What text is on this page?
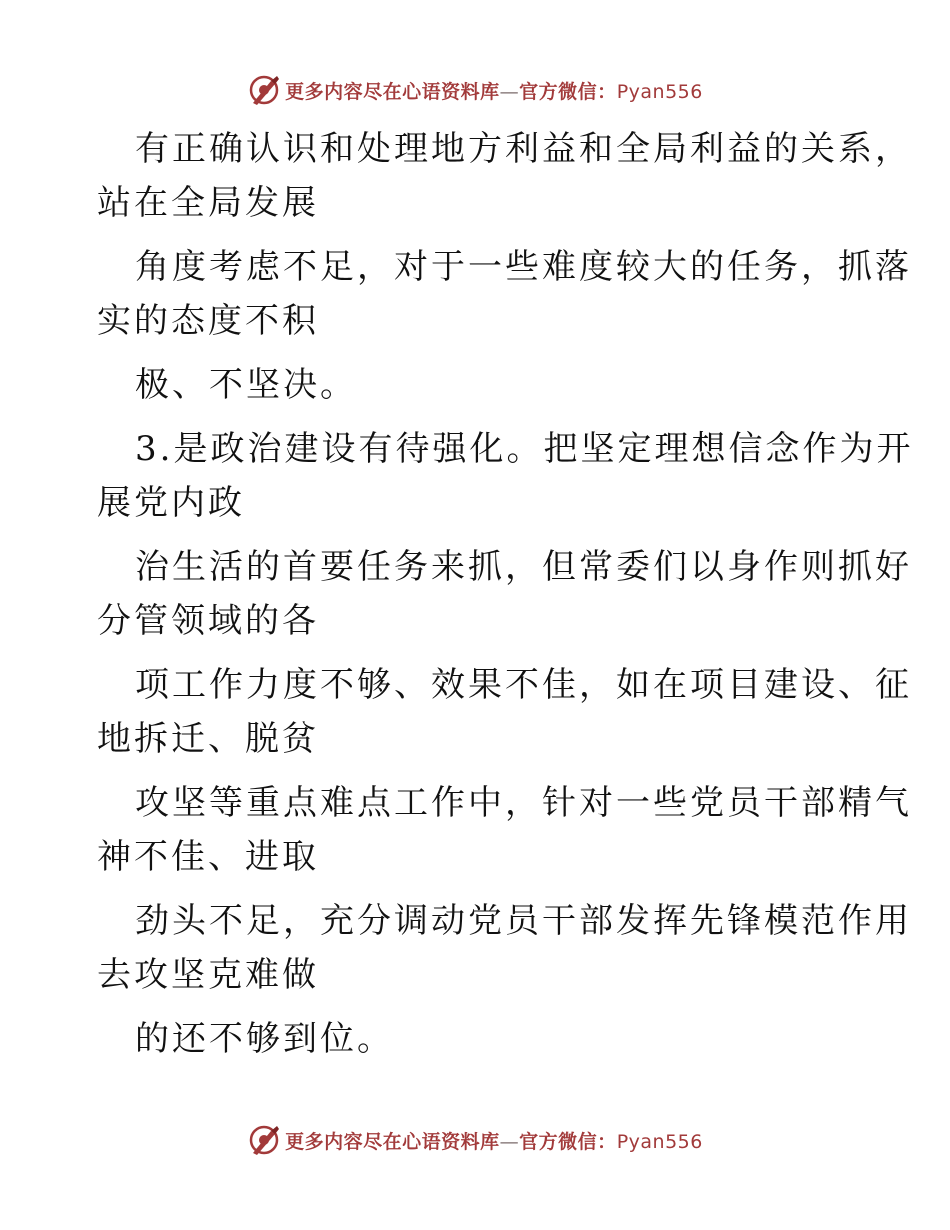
更多内容尽在心语资料库—官方微信：Pyan556

有正确认识和处理地方利益和全局利益的关系，
站在全局发展

角度考虑不足，对于一些难度较大的任务，抓落
实的态度不积

极、不坚决。

3.是政治建设有待强化。把坚定理想信念作为开
展党内政

治生活的首要任务来抓，但常委们以身作则抓好
分管领域的各

项工作力度不够、效果不佳，如在项目建设、征
地拆迁、脱贫

攻坚等重点难点工作中，针对一些党员干部精气
神不佳、进取

劲头不足，充分调动党员干部发挥先锋模范作用
去攻坚克难做

的还不够到位。

更多内容尽在心语资料库—官方微信：Pyan556
